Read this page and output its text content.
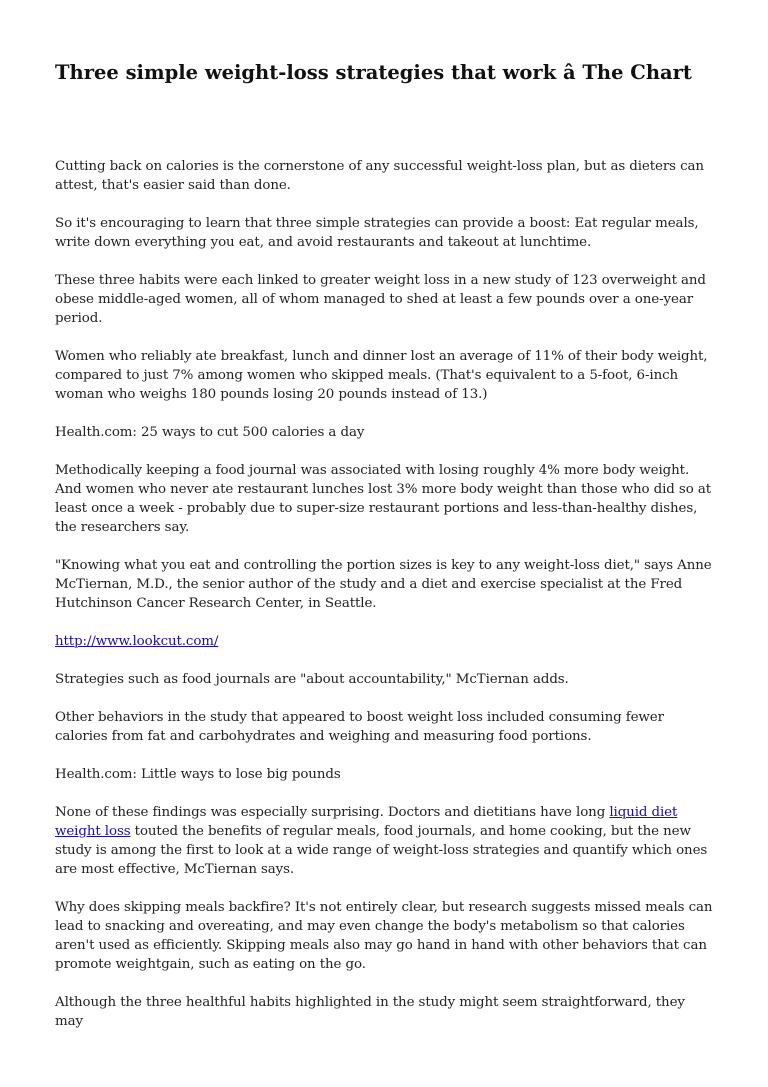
Three simple weight-loss strategies that work â The Chart

Cutting back on calories is the cornerstone of any successful weight-loss plan, but as dieters can attest, that's easier said than done.

So it's encouraging to learn that three simple strategies can provide a boost: Eat regular meals, write down everything you eat, and avoid restaurants and takeout at lunchtime.

These three habits were each linked to greater weight loss in a new study of 123 overweight and obese middle-aged women, all of whom managed to shed at least a few pounds over a one-year period.

Women who reliably ate breakfast, lunch and dinner lost an average of 11% of their body weight, compared to just 7% among women who skipped meals. (That's equivalent to a 5-foot, 6-inch woman who weighs 180 pounds losing 20 pounds instead of 13.)

Health.com: 25 ways to cut 500 calories a day

Methodically keeping a food journal was associated with losing roughly 4% more body weight. And women who never ate restaurant lunches lost 3% more body weight than those who did so at least once a week - probably due to super-size restaurant portions and less-than-healthy dishes, the researchers say.

"Knowing what you eat and controlling the portion sizes is key to any weight-loss diet," says Anne McTiernan, M.D., the senior author of the study and a diet and exercise specialist at the Fred Hutchinson Cancer Research Center, in Seattle.

http://www.lookcut.com/

Strategies such as food journals are "about accountability," McTiernan adds.

Other behaviors in the study that appeared to boost weight loss included consuming fewer calories from fat and carbohydrates and weighing and measuring food portions.

Health.com: Little ways to lose big pounds

None of these findings was especially surprising. Doctors and dietitians have long liquid diet weight loss touted the benefits of regular meals, food journals, and home cooking, but the new study is among the first to look at a wide range of weight-loss strategies and quantify which ones are most effective, McTiernan says.

Why does skipping meals backfire? It's not entirely clear, but research suggests missed meals can lead to snacking and overeating, and may even change the body's metabolism so that calories aren't used as efficiently. Skipping meals also may go hand in hand with other behaviors that can promote weightgain, such as eating on the go.

Although the three healthful habits highlighted in the study might seem straightforward, they may
